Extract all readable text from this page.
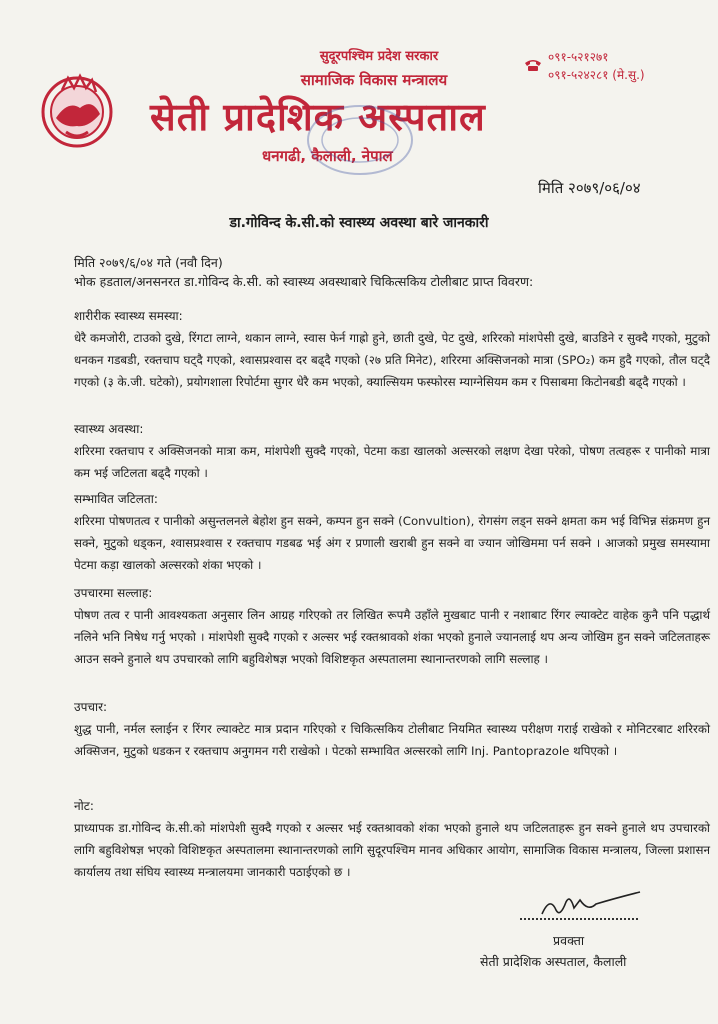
सुदूरपश्चिम प्रदेश सरकार
सामाजिक विकास मन्त्रालय
सेती प्रादेशिक अस्पताल
धनगढी, कैलाली, नेपाल
०९१-५२१२७१
०९१-५२४२८१ (मे.सु.)
मिति २०७९/०६/०४
डा.गोविन्द के.सी.को स्वास्थ्य अवस्था बारे जानकारी
मिति २०७९/६/०४ गते (नवौ दिन)
भोक हडताल/अनसनरत डा.गोविन्द के.सी. को स्वास्थ्य अवस्थाबारे चिकित्सकिय टोलीबाट प्राप्त विवरण:
शारीरीक स्वास्थ्य समस्या:

धेरै कमजोरी, टाउको दुखे, रिंगटा लाग्ने, थकान लाग्ने, स्वास फेर्न गाह्रो हुने, छाती दुखे, पेट दुखे, शरिरको मांशपेसी दुखे, बाउडिने र सुक्दै गएको, मुटुको धनकन गडबडी, रक्तचाप घट्दै गएको, श्वासप्रश्वास दर बढ्दै गएको (२७ प्रति मिनेट), शरिरमा अक्सिजनको मात्रा (SPO₂) कम हुदै गएको, तौल घट्दै गएको (३ के.जी. घटेको), प्रयोगशाला रिपोर्टमा सुगर धेरै कम भएको, क्याल्सियम फस्फोरस म्याग्नेसियम कम र पिसाबमा किटोनबडी बढ्दै गएको ।

स्वास्थ्य अवस्था:

शरिरमा रक्तचाप र अक्सिजनको मात्रा कम, मांशपेशी सुक्दै गएको, पेटमा कडा खालको अल्सरको लक्षण देखा परेको, पोषण तत्वहरू र पानीको मात्रा कम भई जटिलता बढ्दै गएको ।

सम्भावित जटिलता:

शरिरमा पोषणतत्व र पानीको असुन्तलनले बेहोश हुन सक्ने, कम्पन हुन सक्ने (Convultion), रोगसंग लड्न सक्ने क्षमता कम भई विभिन्न संक्रमण हुन सक्ने, मुटुको धड्कन, श्वासप्रश्वास र रक्तचाप गडबढ भई अंग र प्रणाली खराबी हुन सक्ने वा ज्यान जोखिममा पर्न सक्ने । आजको प्रमुख समस्यामा पेटमा कड़ा खालको अल्सरको शंका भएको ।

उपचारमा सल्लाह:

पोषण तत्व र पानी आवश्यकता अनुसार लिन आग्रह गरिएको तर लिखित रूपमै उहाँले मुखबाट पानी र नशाबाट रिंगर ल्याक्टेट वाहेक कुनै पनि पद्धार्थ नलिने भनि निषेध गर्नु भएको । मांशपेशी सुक्दै गएको र अल्सर भई रक्तश्रावको शंका भएको हुनाले ज्यानलाई थप अन्य जोखिम हुन सक्ने जटिलताहरू आउन सक्ने हुनाले थप उपचारको लागि बहुविशेषज्ञ भएको विशिष्टकृत अस्पतालमा स्थानान्तरणको लागि सल्लाह ।

उपचार:

शुद्ध पानी, नर्मल स्लाईन र रिंगर ल्याक्टेट मात्र प्रदान गरिएको र चिकित्सकिय टोलीबाट नियमित स्वास्थ्य परीक्षण गराई राखेको र मोनिटरबाट शरिरको अक्सिजन, मुटुको धडकन र रक्तचाप अनुगमन गरी राखेको । पेटको सम्भावित अल्सरको लागि Inj. Pantoprazole थपिएको ।

नोट:

प्राध्यापक डा.गोविन्द के.सी.को मांशपेशी सुक्दै गएको र अल्सर भई रक्तश्रावको शंका भएको हुनाले थप जटिलताहरू हुन सक्ने हुनाले थप उपचारको लागि बहुविशेषज्ञ भएको विशिष्टकृत अस्पतालमा स्थानान्तरणको लागि सुदूरपश्चिम मानव अधिकार आयोग, सामाजिक विकास मन्त्रालय, जिल्ला प्रशासन कार्यालय तथा संघिय स्वास्थ्य मन्त्रालयमा जानकारी पठाईएको छ ।

प्रवक्ता
सेती प्रादेशिक अस्पताल, कैलाली
